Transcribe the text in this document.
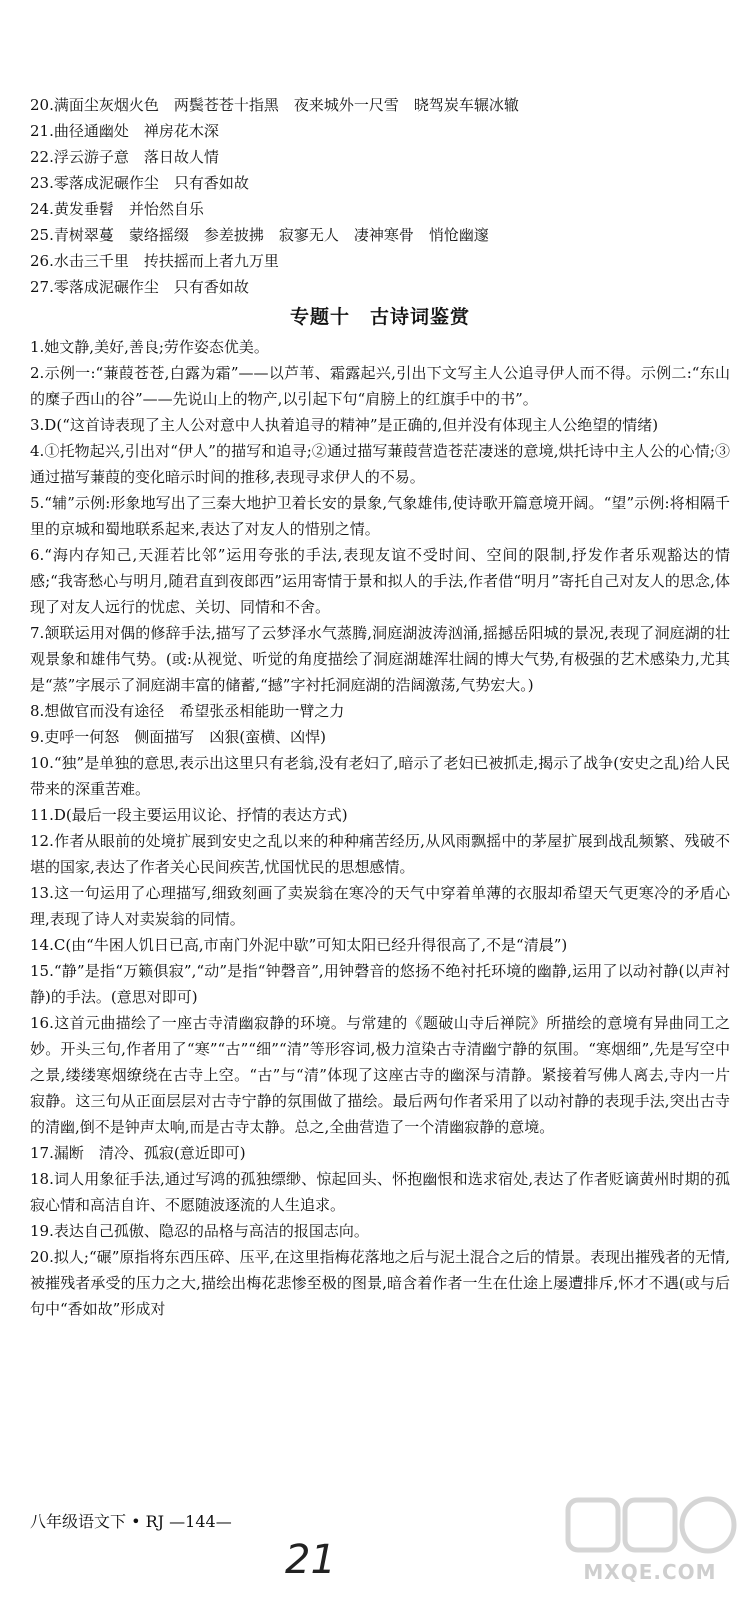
20.满面尘灰烟火色　两鬓苍苍十指黑　夜来城外一尺雪　晓驾炭车辗冰辙
21.曲径通幽处　禅房花木深
22.浮云游子意　落日故人情
23.零落成泥碾作尘　只有香如故
24.黄发垂髫　并怡然自乐
25.青树翠蔓　蒙络摇缀　参差披拂　寂寥无人　凄神寒骨　悄怆幽邃
26.水击三千里　抟扶摇而上者九万里
27.零落成泥碾作尘　只有香如故
专题十　古诗词鉴赏

1.她文静,美好,善良;劳作姿态优美。

2.示例一:“蒹葭苍苍,白露为霜”——以芦苇、霜露起兴,引出下文写主人公追寻伊人而不得。示例二:“东山的糜子西山的谷”——先说山上的物产,以引起下句“肩膀上的红旗手中的书”。

3.D(“这首诗表现了主人公对意中人执着追寻的精神”是正确的,但并没有体现主人公绝望的情绪)

4.①托物起兴,引出对“伊人”的描写和追寻;②通过描写蒹葭营造苍茫凄迷的意境,烘托诗中主人公的心情;③通过描写蒹葭的变化暗示时间的推移,表现寻求伊人的不易。

5.“辅”示例:形象地写出了三秦大地护卫着长安的景象,气象雄伟,使诗歌开篇意境开阔。“望”示例:将相隔千里的京城和蜀地联系起来,表达了对友人的惜别之情。

6.“海内存知己,天涯若比邻”运用夸张的手法,表现友谊不受时间、空间的限制,抒发作者乐观豁达的情感;“我寄愁心与明月,随君直到夜郎西”运用寄情于景和拟人的手法,作者借“明月”寄托自己对友人的思念,体现了对友人远行的忧虑、关切、同情和不舍。

7.颔联运用对偶的修辞手法,描写了云梦泽水气蒸腾,洞庭湖波涛汹涌,摇撼岳阳城的景况,表现了洞庭湖的壮观景象和雄伟气势。(或:从视觉、听觉的角度描绘了洞庭湖雄浑壮阔的博大气势,有极强的艺术感染力,尤其是“蒸”字展示了洞庭湖丰富的储蓄,“撼”字衬托洞庭湖的浩阔激荡,气势宏大。)

8.想做官而没有途径　希望张丞相能助一臂之力

9.吏呼一何怒　侧面描写　凶狠(蛮横、凶悍)

10.“独”是单独的意思,表示出这里只有老翁,没有老妇了,暗示了老妇已被抓走,揭示了战争(安史之乱)给人民带来的深重苦难。

11.D(最后一段主要运用议论、抒情的表达方式)

12.作者从眼前的处境扩展到安史之乱以来的种种痛苦经历,从风雨飘摇中的茅屋扩展到战乱频繁、残破不堪的国家,表达了作者关心民间疾苦,忧国忧民的思想感情。

13.这一句运用了心理描写,细致刻画了卖炭翁在寒冷的天气中穿着单薄的衣服却希望天气更寒冷的矛盾心理,表现了诗人对卖炭翁的同情。

14.C(由“牛困人饥日已高,市南门外泥中歇”可知太阳已经升得很高了,不是“清晨”)

15.“静”是指“万籁俱寂”,“动”是指“钟磬音”,用钟磬音的悠扬不绝衬托环境的幽静,运用了以动衬静(以声衬静)的手法。(意思对即可)

16.这首元曲描绘了一座古寺清幽寂静的环境。与常建的《题破山寺后禅院》所描绘的意境有异曲同工之妙。开头三句,作者用了“寒”“古”“细”“清”等形容词,极力渲染古寺清幽宁静的氛围。“寒烟细”,先是写空中之景,缕缕寒烟缭绕在古寺上空。“古”与“清”体现了这座古寺的幽深与清静。紧接着写佛人离去,寺内一片寂静。这三句从正面层层对古寺宁静的氛围做了描绘。最后两句作者采用了以动衬静的表现手法,突出古寺的清幽,倒不是钟声太响,而是古寺太静。总之,全曲营造了一个清幽寂静的意境。

17.漏断　清冷、孤寂(意近即可)

18.词人用象征手法,通过写鸿的孤独缥缈、惊起回头、怀抱幽恨和选求宿处,表达了作者贬谪黄州时期的孤寂心情和高洁自许、不愿随波逐流的人生追求。

19.表达自己孤傲、隐忍的品格与高洁的报国志向。

20.拟人;“碾”原指将东西压碎、压平,在这里指梅花落地之后与泥土混合之后的情景。表现出摧残者的无情,被摧残者承受的压力之大,描绘出梅花悲惨至极的图景,暗含着作者一生在仕途上屡遭排斥,怀才不遇(或与后句中“香如故”形成对

八年级语文下 • RJ —144—
21	MXQE.COM
